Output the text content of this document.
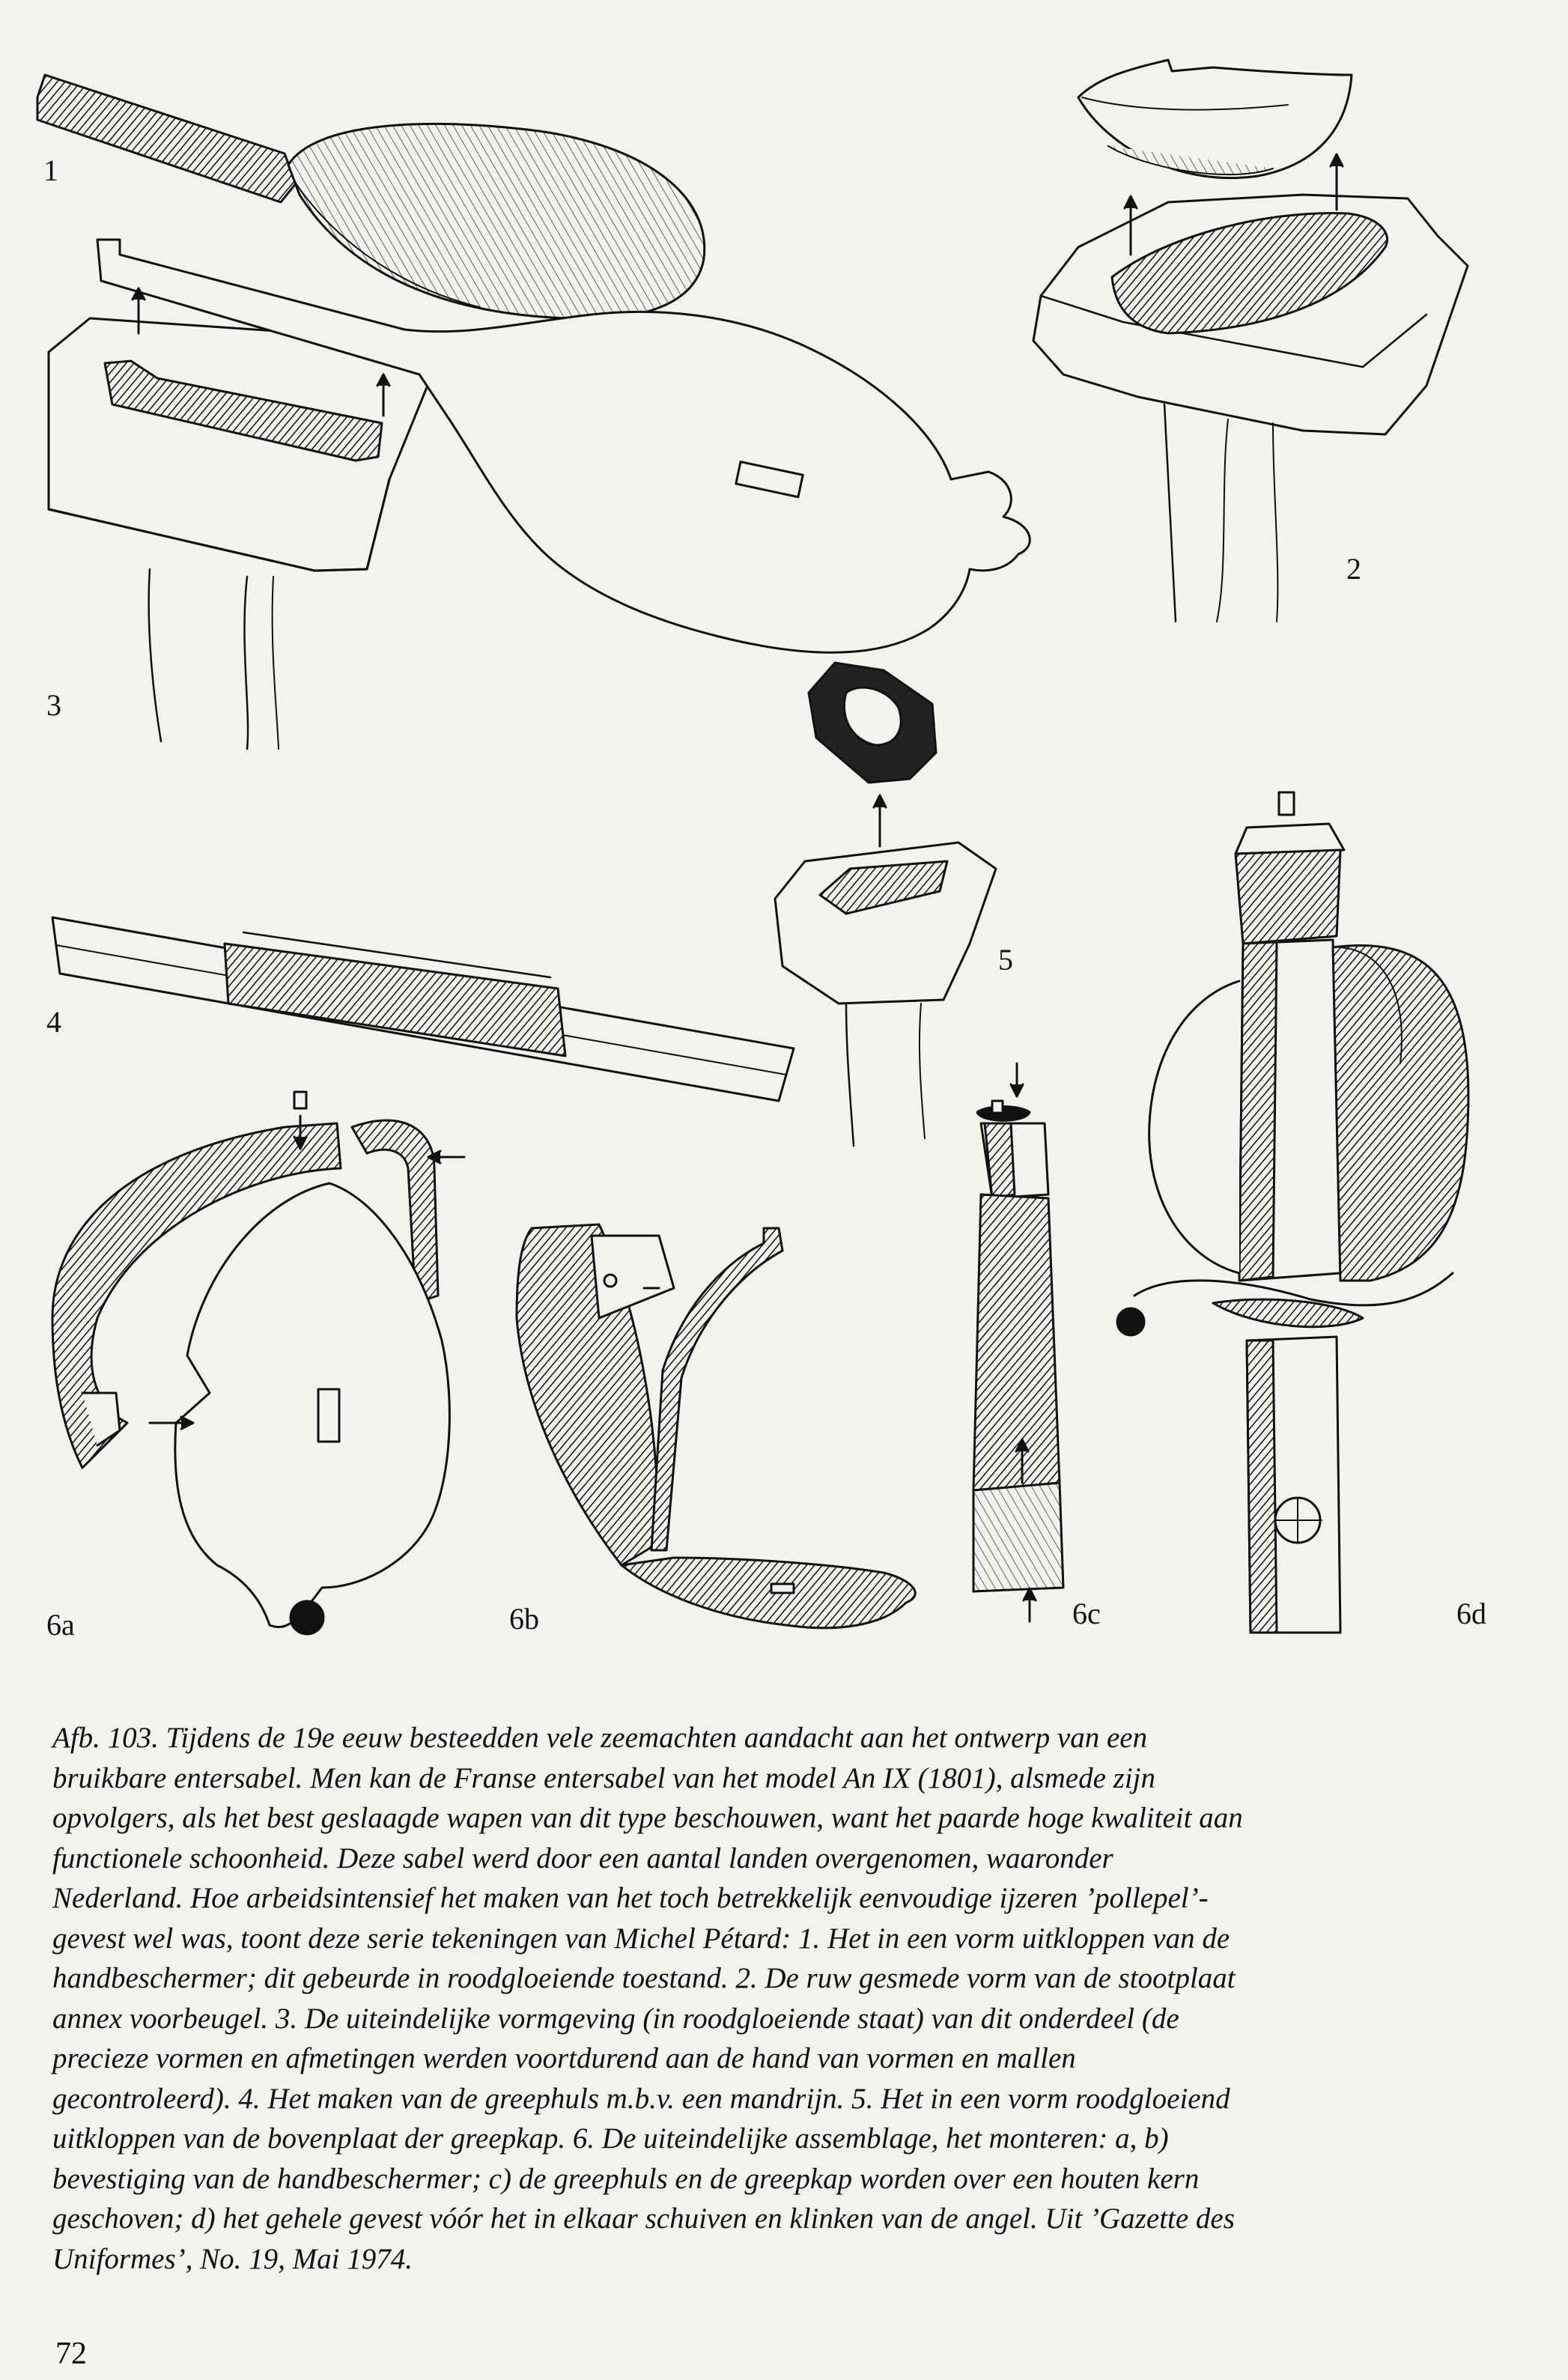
1
2
3
4
5
6a	6b	6c	6d

Afb. 103. Tijdens de 19e eeuw besteedden vele zeemachten aandacht aan het ontwerp van een
bruikbare entersabel. Men kan de Franse entersabel van het model An IX (1801), alsmede zijn
opvolgers, als het best geslaagde wapen van dit type beschouwen, want het paarde hoge kwaliteit aan
functionele schoonheid. Deze sabel werd door een aantal landen overgenomen, waaronder
Nederland. Hoe arbeidsintensief het maken van het toch betrekkelijk eenvoudige ijzeren ’pollepel’-
gevest wel was, toont deze serie tekeningen van Michel Pétard: 1. Het in een vorm uitkloppen van de
handbeschermer; dit gebeurde in roodgloeiende toestand. 2. De ruw gesmede vorm van de stootplaat
annex voorbeugel. 3. De uiteindelijke vormgeving (in roodgloeiende staat) van dit onderdeel (de
precieze vormen en afmetingen werden voortdurend aan de hand van vormen en mallen
gecontroleerd). 4. Het maken van de greephuls m.b.v. een mandrijn. 5. Het in een vorm roodgloeiend
uitkloppen van de bovenplaat der greepkap. 6. De uiteindelijke assemblage, het monteren: a, b)
bevestiging van de handbeschermer; c) de greephuls en de greepkap worden over een houten kern
geschoven; d) het gehele gevest vóór het in elkaar schuiven en klinken van de angel. Uit ’Gazette des
Uniformes’, No. 19, Mai 1974.

72
